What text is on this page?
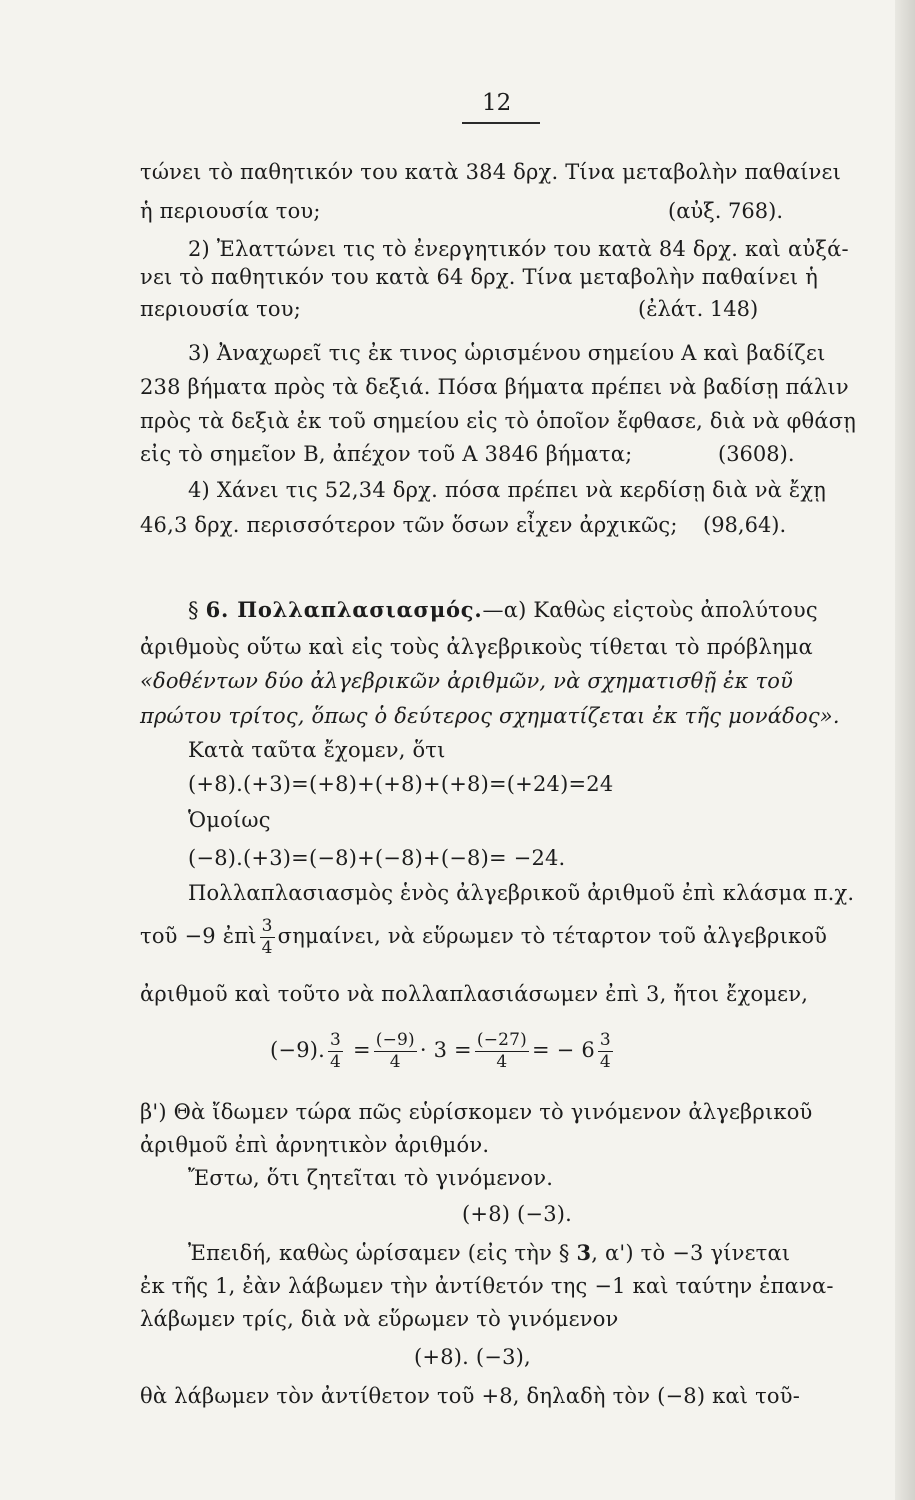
12
τώνει τὸ παθητικόν του κατὰ 384 δρχ. Τίνα μεταβολὴν παθαίνει
ἡ περιουσία του;	(αὐξ. 768).
2) Ἐλαττώνει τις τὸ ἐνεργητικόν του κατὰ 84 δρχ. καὶ αὐξά-
νει τὸ παθητικόν του κατὰ 64 δρχ. Τίνα μεταβολὴν παθαίνει ἡ
περιουσία του;	(ἐλάτ. 148)
3) Ἀναχωρεῖ τις ἐκ τινος ὡρισμένου σημείου Α καὶ βαδίζει
238 βήματα πρὸς τὰ δεξιά. Πόσα βήματα πρέπει νὰ βαδίσῃ πάλιν
πρὸς τὰ δεξιὰ ἐκ τοῦ σημείου εἰς τὸ ὁποῖον ἔφθασε, διὰ νὰ φθάσῃ
εἰς τὸ σημεῖον Β, ἀπέχον τοῦ Α 3846 βήματα;	(3608).
4) Χάνει τις 52,34 δρχ. πόσα πρέπει νὰ κερδίσῃ διὰ νὰ ἔχῃ
46,3 δρχ. περισσότερον τῶν ὅσων εἶχεν ἀρχικῶς; (98,64).
§ 6. Πολλαπλασιασμός.—α) Καθὼς εἰςτοὺς ἀπολύτους
ἀριθμοὺς οὕτω καὶ εἰς τοὺς ἀλγεβρικοὺς τίθεται τὸ πρόβλημα
«δοθέντων δύο ἀλγεβρικῶν ἀριθμῶν, νὰ σχηματισθῇ ἐκ τοῦ
πρώτου τρίτος, ὅπως ὁ δεύτερος σχηματίζεται ἐκ τῆς μονάδος».
Κατὰ ταῦτα ἔχομεν, ὅτι
(+8).(+3)=(+8)+(+8)+(+8)=(+24)=24
Ὁμοίως
(−8).(+3)=(−8)+(−8)+(−8)= −24.
Πολλαπλασιασμὸς ἑνὸς ἀλγεβρικοῦ ἀριθμοῦ ἐπὶ κλάσμα π.χ.
τοῦ −9 ἐπὶ $\frac{3}{4} \sigma\eta\mu\alpha ί\nu\varepsilon\iota$, νὰ εὕρωμεν τὸ τέταρτον τοῦ ἀλγεβρικοῦ
ἀριθμοῦ καὶ τοῦτο νὰ πολλαπλασιάσωμεν ἐπὶ 3, ἤτοι ἔχομεν,
(−9). $\frac{3}{4} = \frac{(-9)}{4} \cdot 3 = \frac{(-27)}{4}$ = − $6 \frac{3}{4}$
β') Θὰ ἴδωμεν τώρα πῶς εὑρίσκομεν τὸ γινόμενον ἀλγεβρικοῦ
ἀριθμοῦ ἐπὶ ἀρνητικὸν ἀριθμόν.
Ἔστω, ὅτι ζητεῖται τὸ γινόμενον.
(+8) (−3).
Ἐπειδή, καθὼς ὡρίσαμεν (εἰς τὴν § 3, α') τὸ −3 γίνεται
ἐκ τῆς 1, ἐὰν λάβωμεν τὴν ἀντίθετόν της −1 καὶ ταύτην ἐπανα-
λάβωμεν τρίς, διὰ νὰ εὕρωμεν τὸ γινόμενον
(+8). (−3),
θὰ λάβωμεν τὸν ἀντίθετον τοῦ +8, δηλαδὴ τὸν (−8) καὶ τοῦ-
